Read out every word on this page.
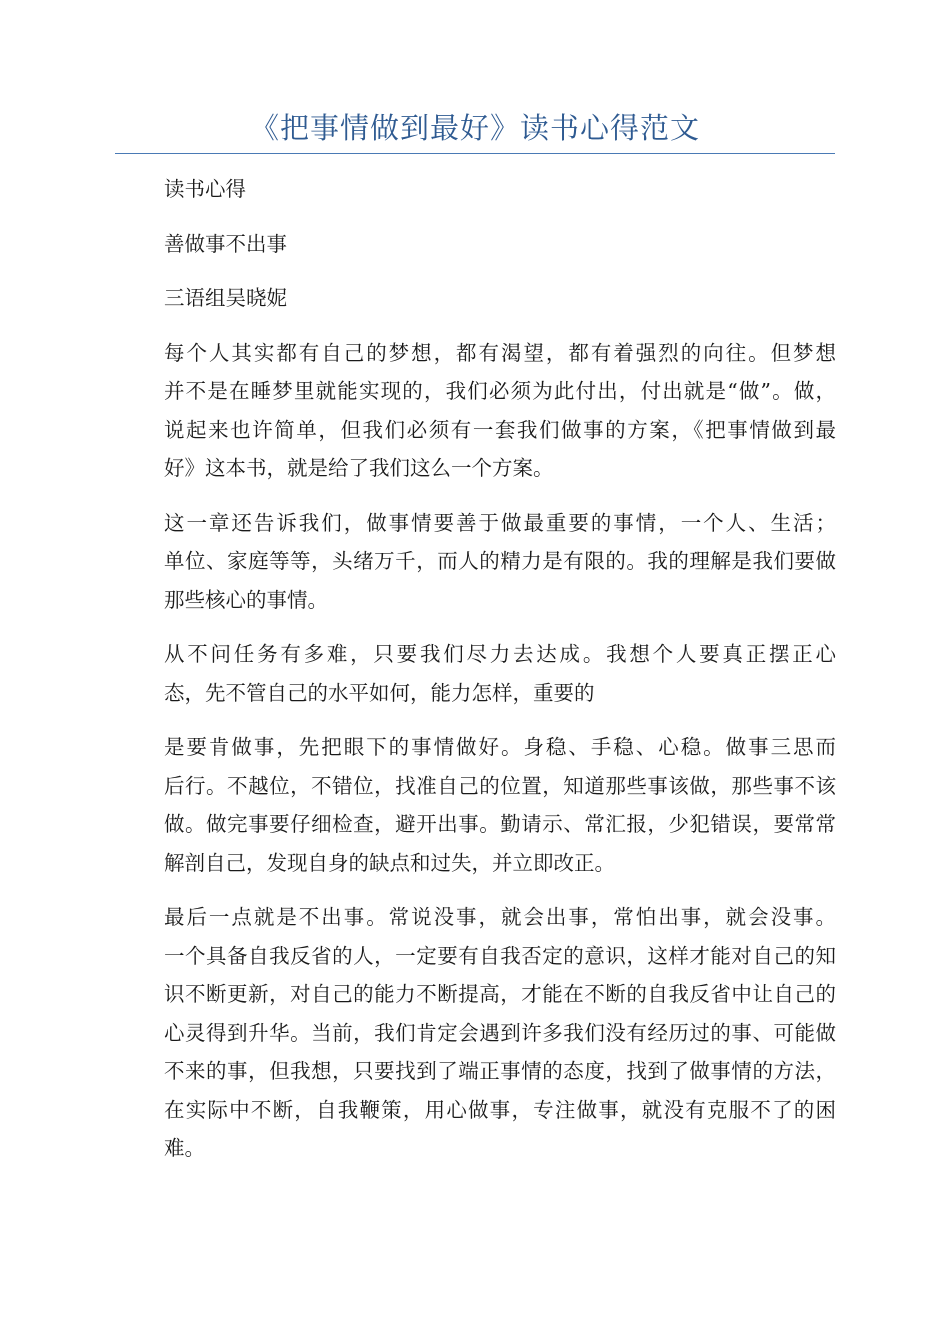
《把事情做到最好》读书心得范文

读书心得

善做事不出事

三语组吴晓妮

每个人其实都有自己的梦想，都有渴望，都有着强烈的向往。但梦想
并不是在睡梦里就能实现的，我们必须为此付出，付出就是“做”。做，
说起来也许简单，但我们必须有一套我们做事的方案，《把事情做到最
好》这本书，就是给了我们这么一个方案。

这一章还告诉我们，做事情要善于做最重要的事情，一个人、生活；
单位、家庭等等，头绪万千，而人的精力是有限的。我的理解是我们要做
那些核心的事情。

从不问任务有多难，只要我们尽力去达成。我想个人要真正摆正心
态，先不管自己的水平如何，能力怎样，重要的

是要肯做事，先把眼下的事情做好。身稳、手稳、心稳。做事三思而
后行。不越位，不错位，找准自己的位置，知道那些事该做，那些事不该
做。做完事要仔细检查，避开出事。勤请示、常汇报，少犯错误，要常常
解剖自己，发现自身的缺点和过失，并立即改正。

最后一点就是不出事。常说没事，就会出事，常怕出事，就会没事。
一个具备自我反省的人，一定要有自我否定的意识，这样才能对自己的知
识不断更新，对自己的能力不断提高，才能在不断的自我反省中让自己的
心灵得到升华。当前，我们肯定会遇到许多我们没有经历过的事、可能做
不来的事，但我想，只要找到了端正事情的态度，找到了做事情的方法，
在实际中不断，自我鞭策，用心做事，专注做事，就没有克服不了的困
难。
